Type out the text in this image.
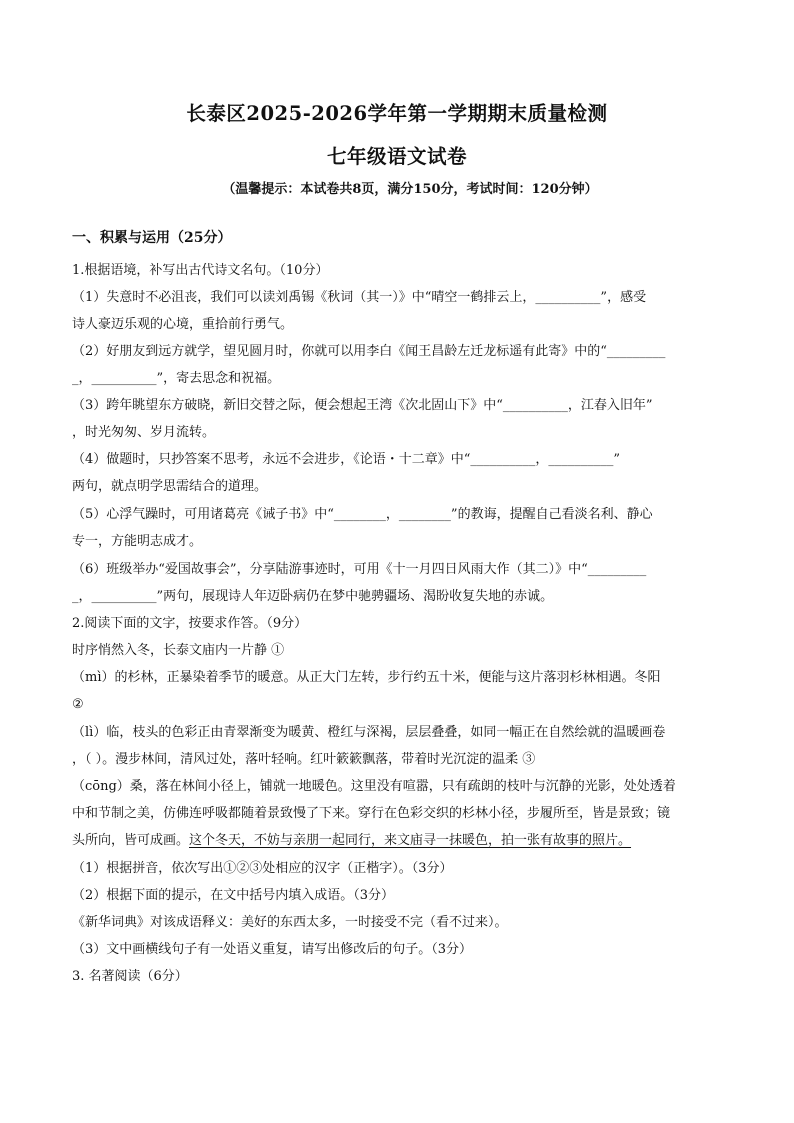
长泰区2025-2026学年第一学期期末质量检测
七年级语文试卷
（温馨提示：本试卷共8页，满分150分，考试时间：120分钟）
一、积累与运用（25分）
1.根据语境，补写出古代诗文名句。（10分）
（1）失意时不必沮丧，我们可以读刘禹锡《秋词（其一）》中“晴空一鹤排云上，__________”，感受
诗人豪迈乐观的心境，重拾前行勇气。
（2）好朋友到远方就学，望见圆月时，你就可以用李白《闻王昌龄左迁龙标遥有此寄》中的“_________
_，__________”，寄去思念和祝福。
（3）跨年眺望东方破晓，新旧交替之际，便会想起王湾《次北固山下》中“__________，江春入旧年”
，时光匆匆、岁月流转。
（4）做题时，只抄答案不思考，永远不会进步，《论语・十二章》中“__________，__________”
两句，就点明学思需结合的道理。
（5）心浮气躁时，可用诸葛亮《诫子书》中“________，________”的教诲，提醒自己看淡名利、静心
专一，方能明志成才。
（6）班级举办“爱国故事会”，分享陆游事迹时，可用《十一月四日风雨大作（其二）》中“_________
_，__________”两句，展现诗人年迈卧病仍在梦中驰骋疆场、渴盼收复失地的赤诚。
2.阅读下面的文字，按要求作答。（9分）
时序悄然入冬，长泰文庙内一片静 ①
（mì）的杉林，正暴染着季节的暖意。从正大门左转，步行约五十米，便能与这片落羽杉林相遇。冬阳
②
（lì）临，枝头的色彩正由青翠渐变为暖黄、橙红与深褐，层层叠叠，如同一幅正在自然绘就的温暖画卷
，（ ）。漫步林间，清风过处，落叶轻响。红叶簌簌飘落，带着时光沉淀的温柔 ③
（cōng）桑，落在林间小径上，铺就一地暖色。这里没有喧嚣，只有疏朗的枝叶与沉静的光影，处处透着
中和节制之美，仿佛连呼吸都随着景致慢了下来。穿行在色彩交织的杉林小径，步履所至，皆是景致；镜
头所向，皆可成画。这个冬天，不妨与亲朋一起同行，来文庙寻一抹暖色，拍一张有故事的照片。
（1）根据拼音，依次写出①②③处相应的汉字（正楷字）。（3分）
（2）根据下面的提示，在文中括号内填入成语。（3分）
《新华词典》对该成语释义：美好的东西太多，一时接受不完（看不过来）。
（3）文中画横线句子有一处语义重复，请写出修改后的句子。（3分）
3. 名著阅读（6分）
